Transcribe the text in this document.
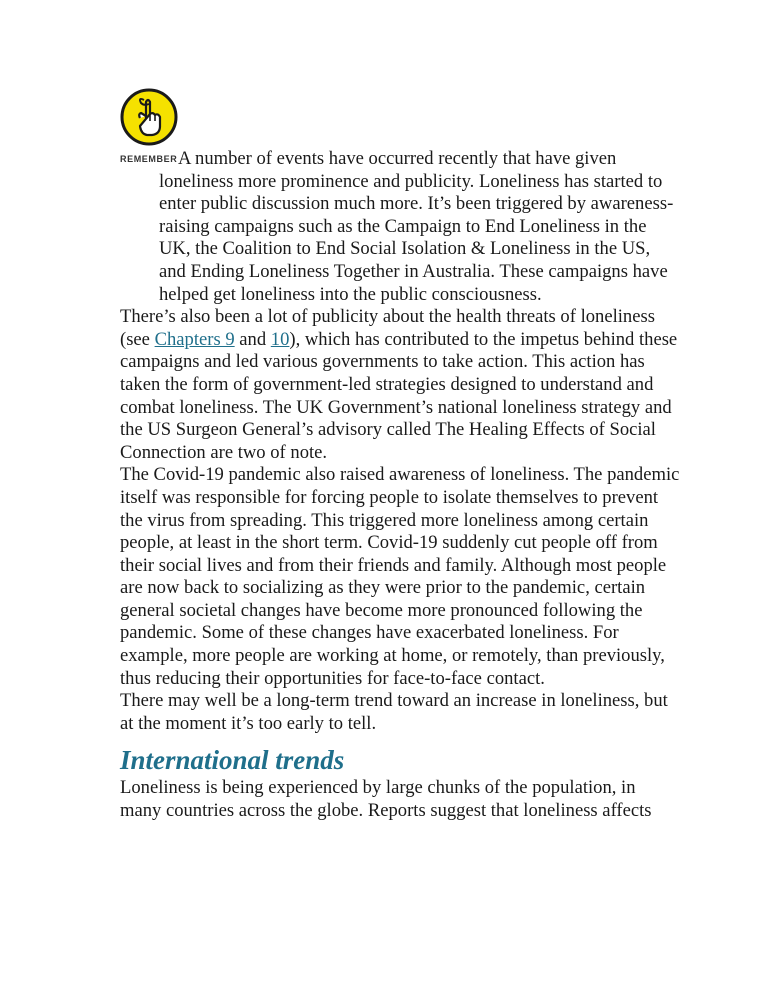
REMEMBER A number of events have occurred recently that have given loneliness more prominence and publicity. Loneliness has started to enter public discussion much more. It’s been triggered by awareness-raising campaigns such as the Campaign to End Loneliness in the UK, the Coalition to End Social Isolation & Loneliness in the US, and Ending Loneliness Together in Australia. These campaigns have helped get loneliness into the public consciousness.

There’s also been a lot of publicity about the health threats of loneliness (see Chapters 9 and 10), which has contributed to the impetus behind these campaigns and led various governments to take action. This action has taken the form of government-led strategies designed to understand and combat loneliness. The UK Government’s national loneliness strategy and the US Surgeon General’s advisory called The Healing Effects of Social Connection are two of note.

The Covid-19 pandemic also raised awareness of loneliness. The pandemic itself was responsible for forcing people to isolate themselves to prevent the virus from spreading. This triggered more loneliness among certain people, at least in the short term. Covid-19 suddenly cut people off from their social lives and from their friends and family. Although most people are now back to socializing as they were prior to the pandemic, certain general societal changes have become more pronounced following the pandemic. Some of these changes have exacerbated loneliness. For example, more people are working at home, or remotely, than previously, thus reducing their opportunities for face-to-face contact.

There may well be a long-term trend toward an increase in loneliness, but at the moment it’s too early to tell.

International trends

Loneliness is being experienced by large chunks of the population, in many countries across the globe. Reports suggest that loneliness affects
